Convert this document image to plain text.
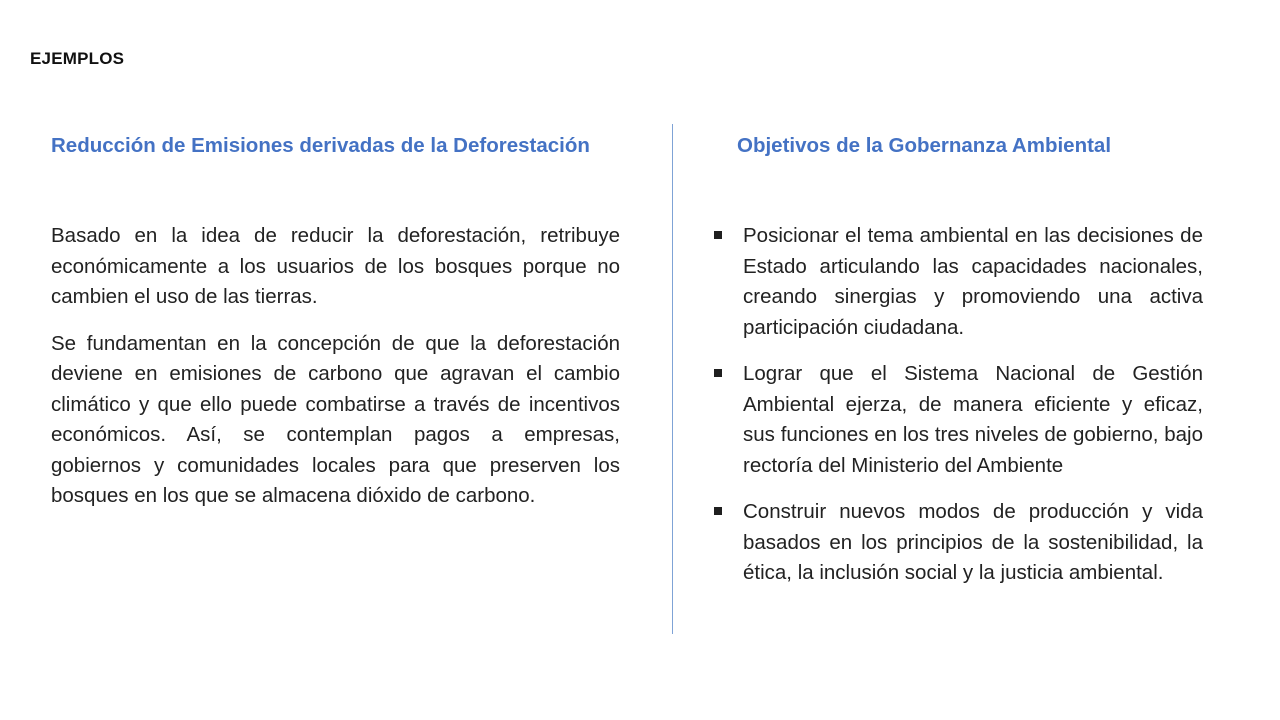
EJEMPLOS
Reducción de Emisiones derivadas de la Deforestación	Objetivos de la Gobernanza Ambiental

Basado en la idea de reducir la deforestación, retribuye económicamente a los usuarios de los bosques porque no cambien el uso de las tierras.

Se fundamentan en la concepción de que la deforestación deviene en emisiones de carbono que agravan el cambio climático y que ello puede combatirse a través de incentivos económicos. Así, se contemplan pagos a empresas, gobiernos y comunidades locales para que preserven los bosques en los que se almacena dióxido de carbono.

Posicionar el tema ambiental en las decisiones de Estado articulando las capacidades nacionales, creando sinergias y promoviendo una activa participación ciudadana.
Lograr que el Sistema Nacional de Gestión Ambiental ejerza, de manera eficiente y eficaz, sus funciones en los tres niveles de gobierno, bajo rectoría del Ministerio del Ambiente
Construir nuevos modos de producción y vida basados en los principios de la sostenibilidad, la ética, la inclusión social y la justicia ambiental.
